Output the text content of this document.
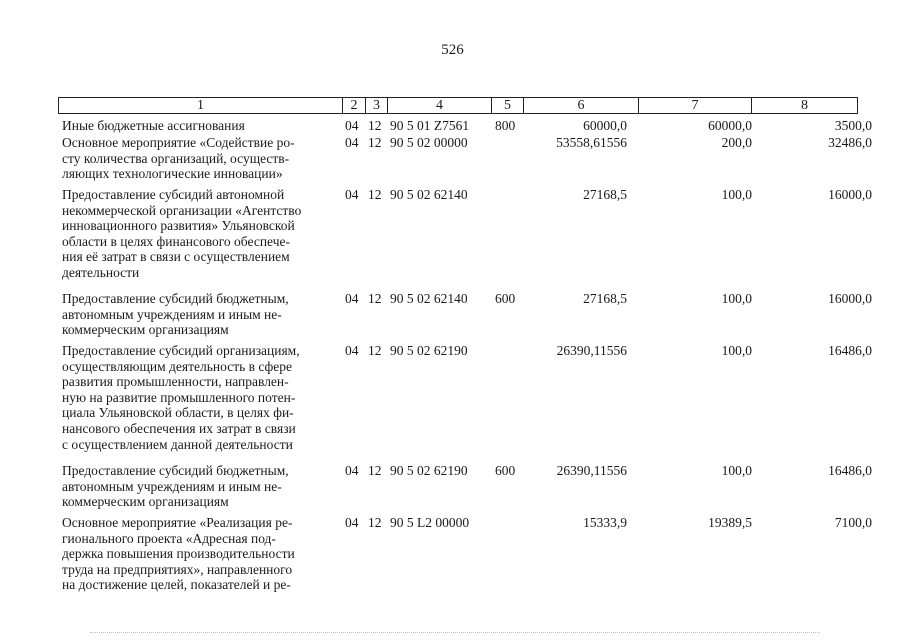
526
1	2	3	4	5	6	7	8
Иные бюджетные ассигнования	04 12 90 5 01 Z7561 800	60000,0	60000,0	3500,0
Основное мероприятие «Содействие ро-
сту количества организаций, осуществ-
ляющих технологические инновации»
04 12 90 5 02 00000	53558,61556	200,0	32486,0
Предоставление субсидий автономной
некоммерческой организации «Агентство
инновационного развития» Ульяновской
области в целях финансового обеспече-
ния её затрат в связи с осуществлением
деятельности
04 12 90 5 02 62140	27168,5	100,0	16000,0
Предоставление субсидий бюджетным,
автономным учреждениям и иным не-
коммерческим организациям
04 12 90 5 02 62140 600	27168,5	100,0	16000,0
Предоставление субсидий организациям,
осуществляющим деятельность в сфере
развития промышленности, направлен-
ную на развитие промышленного потен-
циала Ульяновской области, в целях фи-
нансового обеспечения их затрат в связи
с осуществлением данной деятельности
04 12 90 5 02 62190	26390,11556	100,0	16486,0
Предоставление субсидий бюджетным,
автономным учреждениям и иным не-
коммерческим организациям
04 12 90 5 02 62190 600	26390,11556	100,0	16486,0
Основное мероприятие «Реализация ре-
гионального проекта «Адресная под-
держка повышения производительности
труда на предприятиях», направленного
на достижение целей, показателей и ре-
04 12 90 5 L2 00000	15333,9	19389,5	7100,0
